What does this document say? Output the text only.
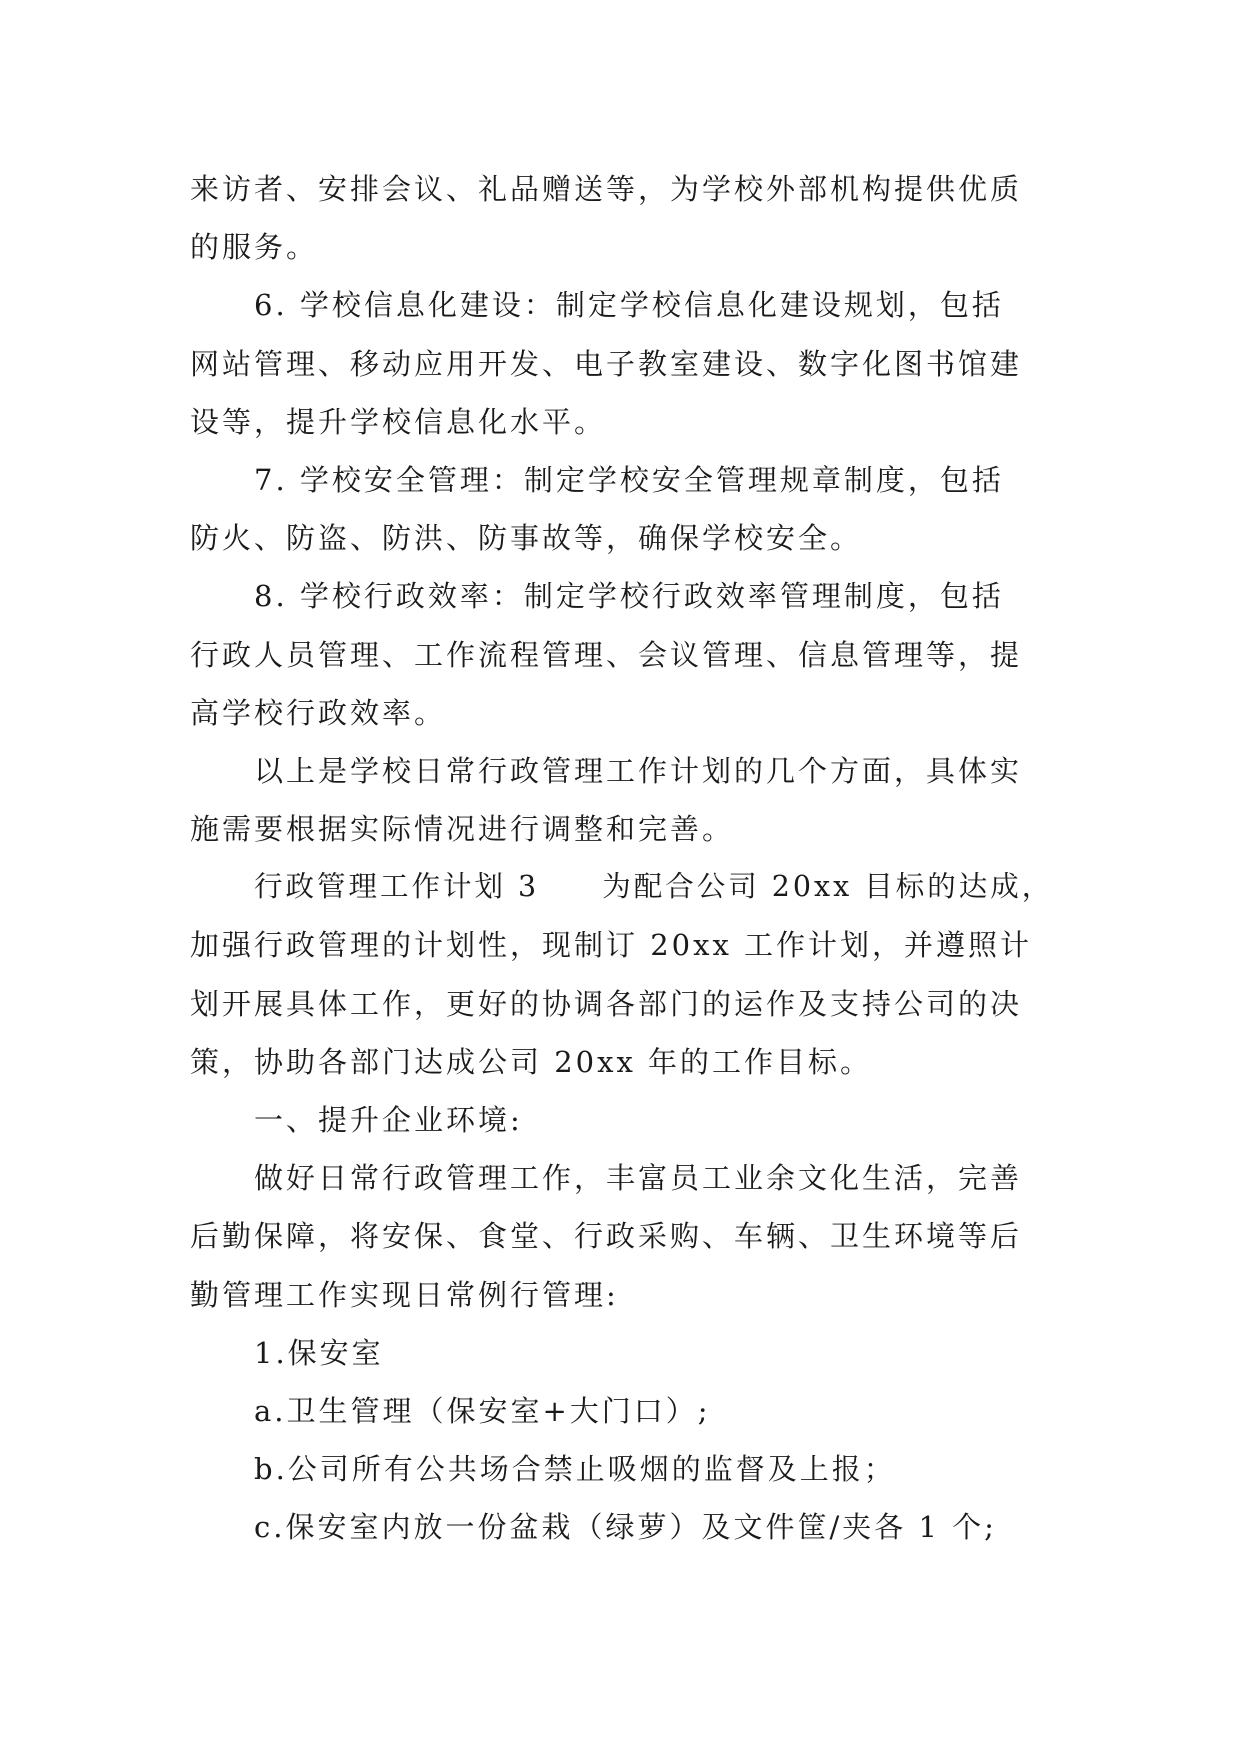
来访者、安排会议、礼品赠送等，为学校外部机构提供优质
的服务。
6. 学校信息化建设：制定学校信息化建设规划，包括
网站管理、移动应用开发、电子教室建设、数字化图书馆建
设等，提升学校信息化水平。
7. 学校安全管理：制定学校安全管理规章制度，包括
防火、防盗、防洪、防事故等，确保学校安全。
8. 学校行政效率：制定学校行政效率管理制度，包括
行政人员管理、工作流程管理、会议管理、信息管理等，提
高学校行政效率。
以上是学校日常行政管理工作计划的几个方面，具体实
施需要根据实际情况进行调整和完善。
行政管理工作计划 3　　为配合公司 20xx 目标的达成，
加强行政管理的计划性，现制订 20xx 工作计划，并遵照计
划开展具体工作，更好的协调各部门的运作及支持公司的决
策，协助各部门达成公司 20xx 年的工作目标。
一、提升企业环境:
做好日常行政管理工作，丰富员工业余文化生活，完善
后勤保障，将安保、食堂、行政采购、车辆、卫生环境等后
勤管理工作实现日常例行管理:
1.保安室
a.卫生管理（保安室+大门口）;
b.公司所有公共场合禁止吸烟的监督及上报；
c.保安室内放一份盆栽（绿萝）及文件筐/夹各 1 个;
